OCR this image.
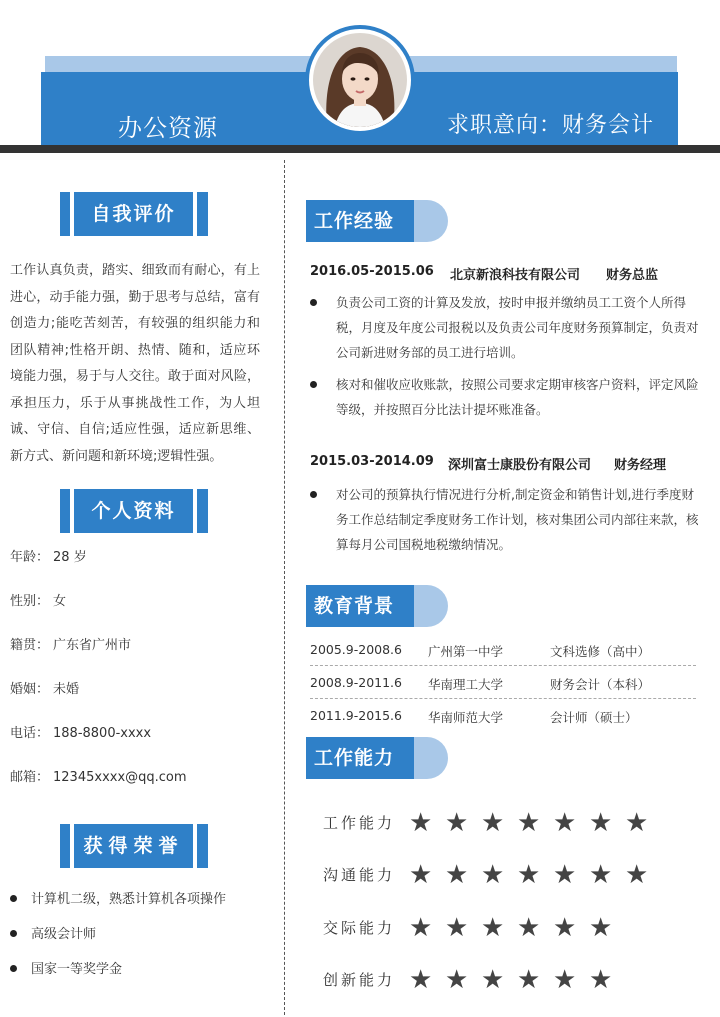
办公资源	求职意向：财务会计
自我评价
工作认真负责，踏实、细致而有耐心，有上进心，动手能力强，勤于思考与总结，富有创造力;能吃苦刻苦，有较强的组织能力和团队精神;性格开朗、热情、随和，适应环境能力强，易于与人交往。敢于面对风险，承担压力，乐于从事挑战性工作，为人坦诚、守信、自信;适应性强，适应新思维、新方式、新问题和新环境;逻辑性强。
个人资料
年龄： 28 岁
性别： 女
籍贯： 广东省广州市
婚姻： 未婚
电话： 188-8800-xxxx
邮箱： 12345xxxx@qq.com
获得荣誉
计算机二级，熟悉计算机各项操作
高级会计师
国家一等奖学金
工作经验
2016.05-2015.06 北京新浪科技有限公司 财务总监
负责公司工资的计算及发放，按时申报并缴纳员工工资个人所得税，月度及年度公司报税以及负责公司年度财务预算制定，负责对公司新进财务部的员工进行培训。
核对和催收应收账款，按照公司要求定期审核客户资料，评定风险等级，并按照百分比法计提坏账准备。
2015.03-2014.09 深圳富士康股份有限公司 财务经理
对公司的预算执行情况进行分析,制定资金和销售计划,进行季度财务工作总结制定季度财务工作计划，核对集团公司内部往来款，核算每月公司国税地税缴纳情况。
教育背景
2005.9-2008.6 广州第一中学	文科选修（高中）
2008.9-2011.6 华南理工大学	财务会计（本科）
2011.9-2015.6 华南师范大学	会计师（硕士）
工作能力
工作能力 ★ ★ ★ ★ ★ ★ ★
沟通能力 ★ ★ ★ ★ ★ ★ ★
交际能力 ★ ★ ★ ★ ★ ★
创新能力 ★ ★ ★ ★ ★ ★
